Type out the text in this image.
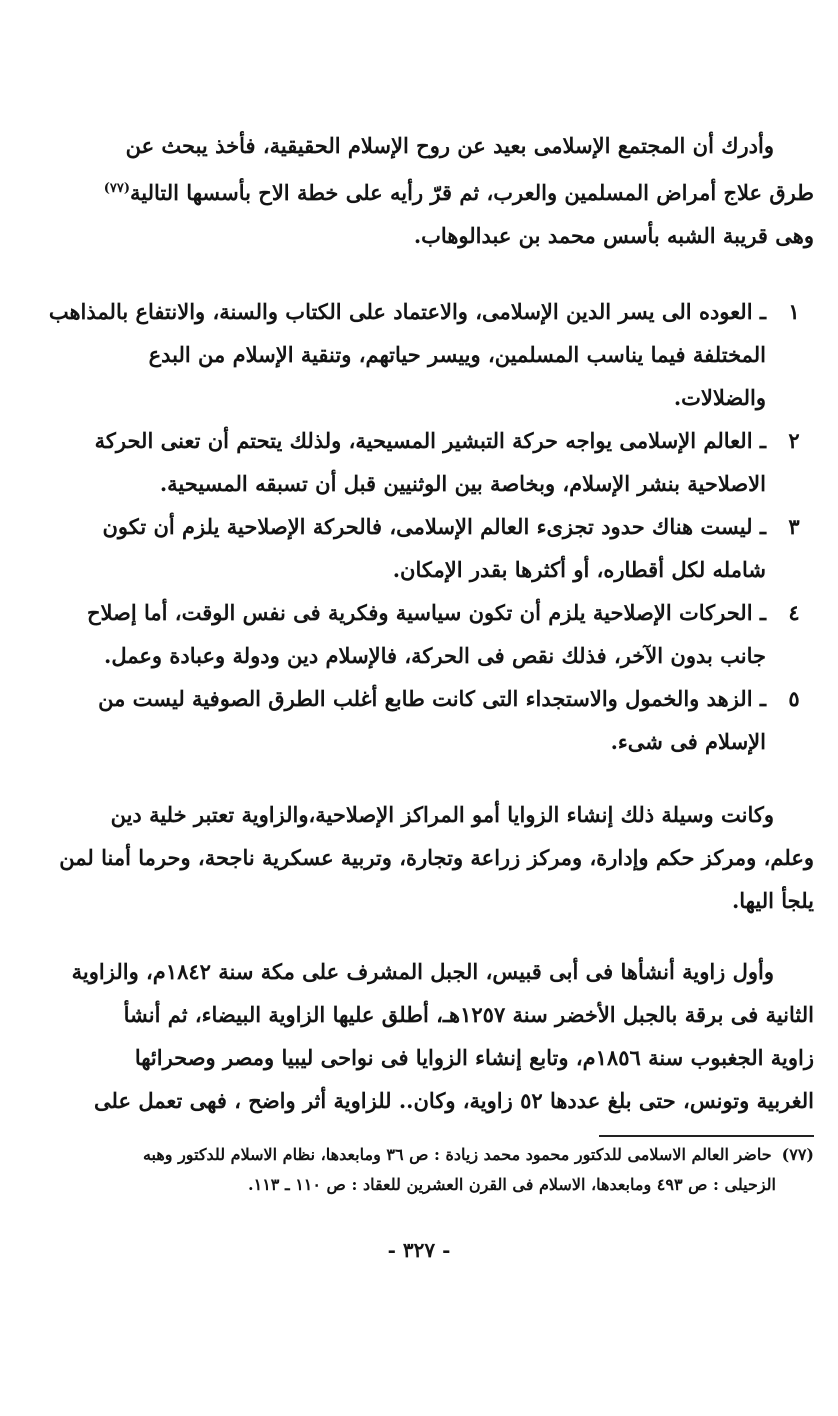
وأدرك أن المجتمع الإسلامى بعيد عن روح الإسلام الحقيقية، فأخذ يبحث عن
طرق علاج أمراض المسلمين والعرب، ثم قرّ رأيه على خطة الاح بأسسها التالية$^{(٧٧)}$
وهى قريبة الشبه بأسس محمد بن عبدالوهاب.
١
ـ العوده الى يسر الدين الإسلامى، والاعتماد على الكتاب والسنة، والانتفاع بالمذاهب
المختلفة فيما يناسب المسلمين، وييسر حياتهم، وتنقية الإسلام من البدع
والضلالات.
٢
ـ العالم الإسلامى يواجه حركة التبشير المسيحية، ولذلك يتحتم أن تعنى الحركة
الاصلاحية بنشر الإسلام، وبخاصة بين الوثنيين قبل أن تسبقه المسيحية.
٣
ـ ليست هناك حدود تجزىء العالم الإسلامى، فالحركة الإصلاحية يلزم أن تكون
شامله لكل أقطاره، أو أكثرها بقدر الإمكان.
٤
ـ الحركات الإصلاحية يلزم أن تكون سياسية وفكرية فى نفس الوقت، أما إصلاح
جانب بدون الآخر، فذلك نقص فى الحركة، فالإسلام دين ودولة وعبادة وعمل.
٥
ـ الزهد والخمول والاستجداء التى كانت طابع أغلب الطرق الصوفية ليست من
الإسلام فى شىء.
وكانت وسيلة ذلك إنشاء الزوايا أمو المراكز الإصلاحية،والزاوية تعتبر خلية دين
وعلم، ومركز حكم وإدارة، ومركز زراعة وتجارة، وتربية عسكرية ناجحة، وحرما أمنا لمن
يلجأ اليها.
وأول زاوية أنشأها فى أبى قبيس، الجبل المشرف على مكة سنة ١٨٤٢م، والزاوية
الثانية فى برقة بالجبل الأخضر سنة ١٢٥٧هـ، أطلق عليها الزاوية البيضاء، ثم أنشأ
زاوية الجغبوب سنة ١٨٥٦م، وتابع إنشاء الزوايا فى نواحى ليبيا ومصر وصحرائها
الغربية وتونس، حتى بلغ عددها ٥٢ زاوية، وكان.. للزاوية أثر واضح ، فهى تعمل على
(٧٧)حاضر العالم الاسلامى للدكتور محمود محمد زيادة : ص ٣٦ ومابعدها، نظام الاسلام للدكتور وهبه
الزحيلى : ص ٤٩٣ ومابعدها، الاسلام فى القرن العشرين للعقاد : ص ١١٠ ـ ١١٣.
- ٣٢٧ -
